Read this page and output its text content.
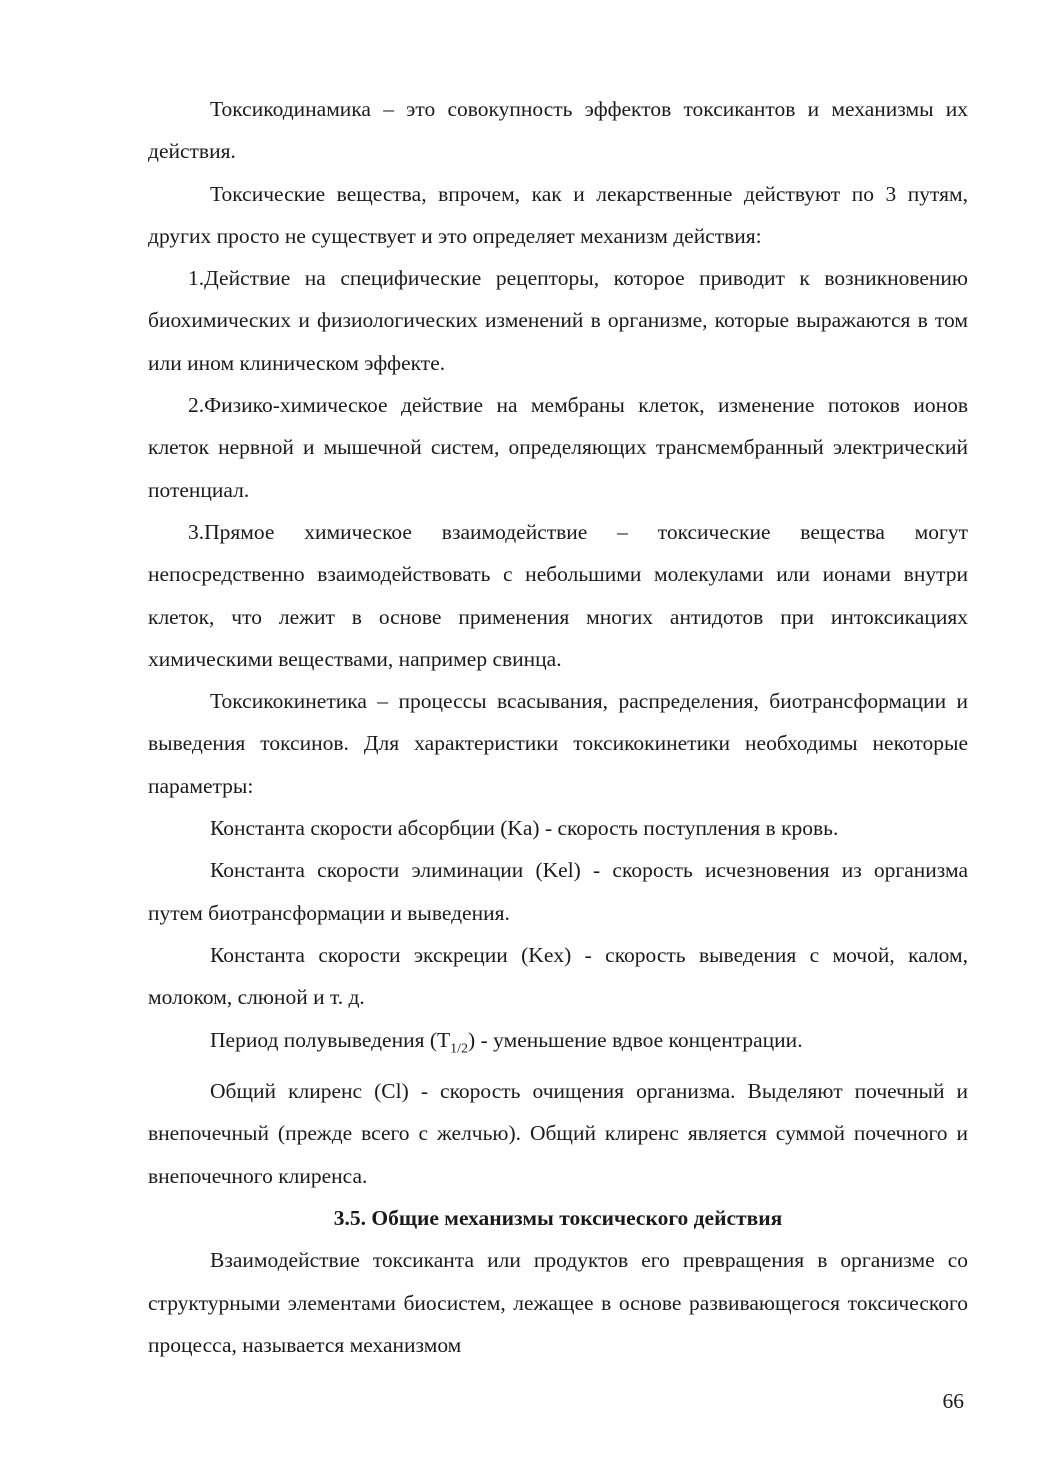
Токсикодинамика – это совокупность эффектов токсикантов и механизмы их действия.

Токсические вещества, впрочем, как и лекарственные действуют по 3 путям, других просто не существует и это определяет механизм действия:

1.Действие на специфические рецепторы, которое приводит к возникновению биохимических и физиологических изменений в организме, которые выражаются в том или ином клиническом эффекте.

2.Физико-химическое действие на мембраны клеток, изменение потоков ионов клеток нервной и мышечной систем, определяющих трансмембранный электрический потенциал.

3.Прямое химическое взаимодействие – токсические вещества могут непосредственно взаимодействовать с небольшими молекулами или ионами внутри клеток, что лежит в основе применения многих антидотов при интоксикациях химическими веществами, например свинца.

Токсикокинетика – процессы всасывания, распределения, биотрансформации и выведения токсинов. Для характеристики токсикокинетики необходимы некоторые параметры:

Константа скорости абсорбции (Ka) - скорость поступления в кровь.

Константа скорости элиминации (Kel) - скорость исчезновения из организма путем биотрансформации и выведения.

Константа скорости экскреции (Kex) - скорость выведения с мочой, калом, молоком, слюной и т. д.

Период полувыведения $(T_{1/2})$ - уменьшение вдвое концентрации.

Общий клиренс (Cl) - скорость очищения организма. Выделяют почечный и внепочечный (прежде всего с желчью). Общий клиренс является суммой почечного и внепочечного клиренса.

3.5. Общие механизмы токсического действия

Взаимодействие токсиканта или продуктов его превращения в организме со структурными элементами биосистем, лежащее в основе развивающегося токсического процесса, называется механизмом

66
